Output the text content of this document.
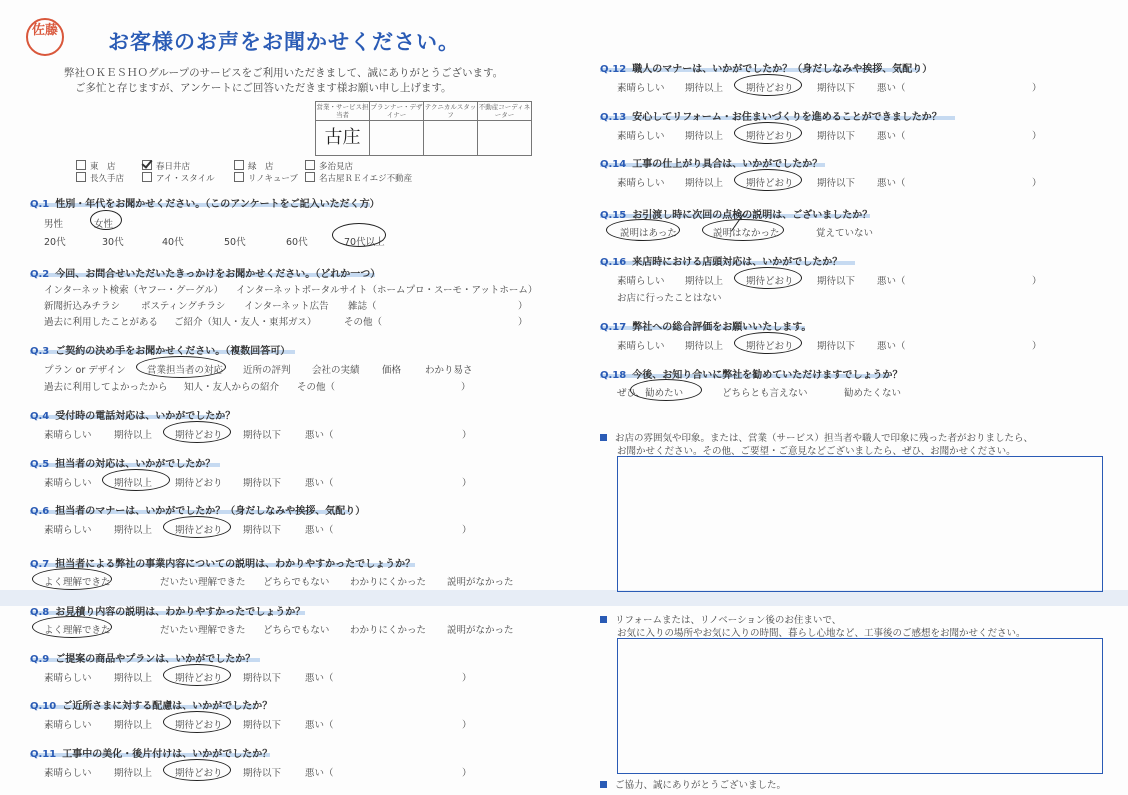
佐藤 お客様のお声をお聞かせください。
弊社ＯＫＥＳＨＯグループのサービスをご利用いただきまして、誠にありがとうございます。
ご多忙と存じますが、アンケートにご回答いただきます様お願い申し上げます。
営業・サービス担当者	プランナー・デザイナー	テクニカルスタッフ	不動産コーディネーター
古庄			
東　店	春日井店	緑　店	多治見店
長久手店	アイ・スタイル	リノキューブ	名古屋ＲＥイエジ不動産
Q.1 性別・年代をお聞かせください。（このアンケートをご記入いただく方）
男性	女性
20代	30代	40代	50代	60代	70代以上
Q.2 今回、お問合せいただいたきっかけをお聞かせください。（どれか一つ）
インターネット検索（ヤフー・グーグル） インターネットポータルサイト（ホームプロ・スーモ・アットホーム）
新聞折込みチラシ ポスティングチラシ インターネット広告 雑誌（	）
過去に利用したことがある ご紹介（知人・友人・東邦ガス）	その他（	）
Q.3 ご契約の決め手をお聞かせください。（複数回答可）
プラン or デザイン 営業担当者の対応 近所の評判 会社の実績 価格	わかり易さ
過去に利用してよかったから 知人・友人からの紹介 その他（	）
Q.4 受付時の電話対応は、いかがでしたか？
素晴らしい 期待以上 期待どおり 期待以下	悪い（	）
Q.5 担当者の対応は、いかがでしたか？
素晴らしい 期待以上 期待どおり 期待以下	悪い（	）
Q.6 担当者のマナーは、いかがでしたか？（身だしなみや挨拶、気配り）
素晴らしい 期待以上 期待どおり 期待以下	悪い（	）
Q.9 ご提案の商品やプランは、いかがでしたか？
素晴らしい 期待以上 期待どおり 期待以下	悪い（	）
Q.10 ご近所さまに対する配慮は、いかがでしたか？
素晴らしい 期待以上 期待どおり 期待以下	悪い（	）
Q.11 工事中の美化・後片付けは、いかがでしたか？
素晴らしい 期待以上 期待どおり 期待以下	悪い（	）
Q.12 職人のマナーは、いかがでしたか？（身だしなみや挨拶、気配り）
素晴らしい 期待以上 期待どおり 期待以下 悪い（	）
Q.13 安心してリフォーム・お住まいづくりを進めることができましたか？
素晴らしい 期待以上 期待どおり 期待以下 悪い（	）
Q.14 工事の仕上がり具合は、いかがでしたか？
素晴らしい 期待以上 期待どおり 期待以下 悪い（	）
Q.16 来店時における店頭対応は、いかがでしたか？
素晴らしい 期待以上 期待どおり 期待以下 悪い（	）
Q.17 弊社への総合評価をお願いいたします。
素晴らしい 期待以上 期待どおり 期待以下 悪い（	）
Q.7 担当者による弊社の事業内容についての説明は、わかりやすかったでしょうか？
よく理解できた	だいたい理解できた どちらでもない わかりにくかった 説明がなかった
Q.8 お見積り内容の説明は、わかりやすかったでしょうか？
よく理解できた	だいたい理解できた どちらでもない わかりにくかった 説明がなかった
Q.15 お引渡し時に次回の点検の説明は、ございましたか？
説明はあった	説明はなかった	覚えていない
お店に行ったことはない
Q.18 今後、お知り合いに弊社を勧めていただけますでしょうか？
ぜひ、勧めたい	どちらとも言えない	勧めたくない
お店の雰囲気や印象。または、営業（サービス）担当者や職人で印象に残った者がおりましたら、
お聞かせください。その他、ご要望・ご意見などございましたら、ぜひ、お聞かせください。
リフォームまたは、リノベーション後のお住まいで、
お気に入りの場所やお気に入りの時間、暮らし心地など、工事後のご感想をお聞かせください。
ご協力、誠にありがとうございました。
